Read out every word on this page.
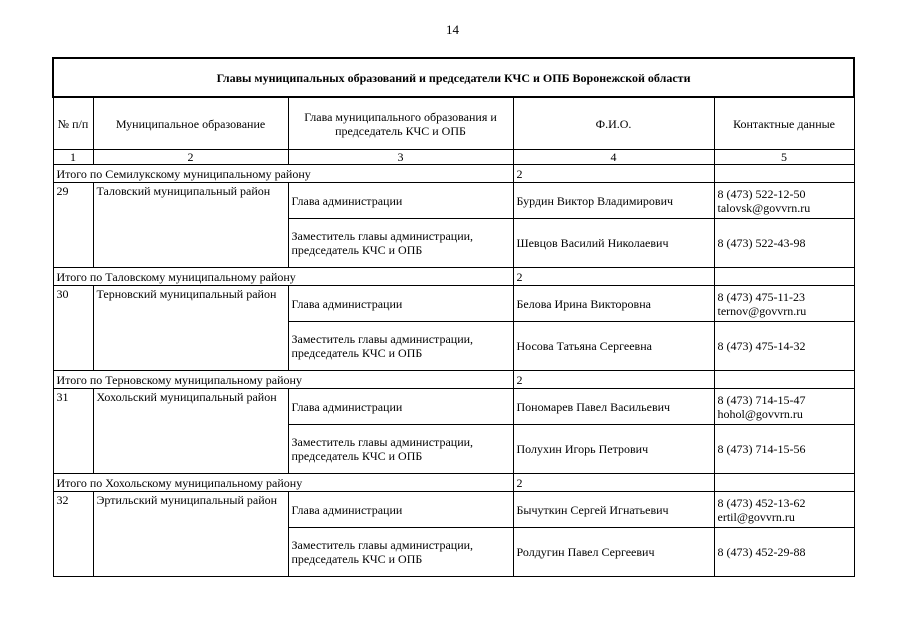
14
Главы муниципальных образований и председатели КЧС и ОПБ Воронежской области				
№ п/п	Муниципальное образование	Глава муниципального образования и председатель КЧС и ОПБ	Ф.И.О.	Контактные данные
1	2	3	4	5
Итого по Семилукскому муниципальному району			2	
29	Таловский муниципальный район	Глава администрации	Бурдин Виктор Владимирович	8 (473) 522-12-50
talovsk@govvrn.ru

		Заместитель главы администрации, председатель КЧС и ОПБ	Шевцов Василий Николаевич	8 (473) 522-43-98
Итого по Таловскому муниципальному району			2	
30	Терновский муниципальный район	Глава администрации	Белова Ирина Викторовна	8 (473) 475-11-23
ternov@govvrn.ru

		Заместитель главы администрации, председатель КЧС и ОПБ	Носова Татьяна Сергеевна	8 (473) 475-14-32
Итого по Терновскому муниципальному району			2	
31	Хохольский муниципальный район	Глава администрации	Пономарев Павел Васильевич	8 (473) 714-15-47
hohol@govvrn.ru

		Заместитель главы администрации, председатель КЧС и ОПБ	Полухин Игорь Петрович	8 (473) 714-15-56
Итого по Хохольскому муниципальному району			2	
32	Эртильский муниципальный район	Глава администрации	Бычуткин Сергей Игнатьевич	8 (473) 452-13-62
ertil@govvrn.ru

		Заместитель главы администрации, председатель КЧС и ОПБ	Ролдугин Павел Сергеевич	8 (473) 452-29-88
